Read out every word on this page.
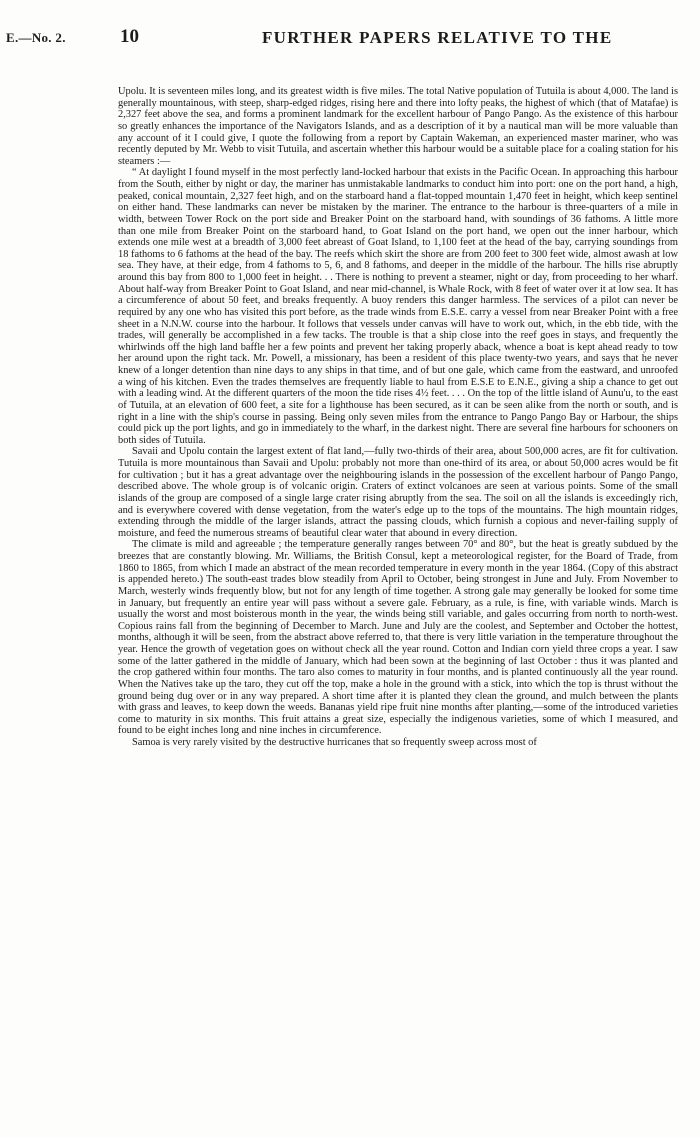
E.—No. 2.	10	FURTHER PAPERS RELATIVE TO THE

Upolu. It is seventeen miles long, and its greatest width is five miles. The total Native population of Tutuila is about 4,000. The land is generally mountainous, with steep, sharp-edged ridges, rising here and there into lofty peaks, the highest of which (that of Matafae) is 2,327 feet above the sea, and forms a prominent landmark for the excellent harbour of Pango Pango. As the existence of this harbour so greatly enhances the importance of the Navigators Islands, and as a description of it by a nautical man will be more valuable than any account of it I could give, I quote the following from a report by Captain Wakeman, an experienced master mariner, who was recently deputed by Mr. Webb to visit Tutuila, and ascertain whether this harbour would be a suitable place for a coaling station for his steamers :—

“ At daylight I found myself in the most perfectly land-locked harbour that exists in the Pacific Ocean. In approaching this harbour from the South, either by night or day, the mariner has unmistakable landmarks to conduct him into port: one on the port hand, a high, peaked, conical mountain, 2,327 feet high, and on the starboard hand a flat-topped mountain 1,470 feet in height, which keep sentinel on either hand. These landmarks can never be mistaken by the mariner. The entrance to the harbour is three-quarters of a mile in width, between Tower Rock on the port side and Breaker Point on the starboard hand, with soundings of 36 fathoms. A little more than one mile from Breaker Point on the starboard hand, to Goat Island on the port hand, we open out the inner harbour, which extends one mile west at a breadth of 3,000 feet abreast of Goat Island, to 1,100 feet at the head of the bay, carrying soundings from 18 fathoms to 6 fathoms at the head of the bay. The reefs which skirt the shore are from 200 feet to 300 feet wide, almost awash at low sea. They have, at their edge, from 4 fathoms to 5, 6, and 8 fathoms, and deeper in the middle of the harbour. The hills rise abruptly around this bay from 800 to 1,000 feet in height. . . There is nothing to prevent a steamer, night or day, from proceeding to her wharf. About half-way from Breaker Point to Goat Island, and near mid-channel, is Whale Rock, with 8 feet of water over it at low sea. It has a circumference of about 50 feet, and breaks frequently. A buoy renders this danger harmless. The services of a pilot can never be required by any one who has visited this port before, as the trade winds from E.S.E. carry a vessel from near Breaker Point with a free sheet in a N.N.W. course into the harbour. It follows that vessels under canvas will have to work out, which, in the ebb tide, with the trades, will generally be accomplished in a few tacks. The trouble is that a ship close into the reef goes in stays, and frequently the whirlwinds off the high land baffle her a few points and prevent her taking properly aback, whence a boat is kept ahead ready to tow her around upon the right tack. Mr. Powell, a missionary, has been a resident of this place twenty-two years, and says that he never knew of a longer detention than nine days to any ships in that time, and of but one gale, which came from the eastward, and unroofed a wing of his kitchen. Even the trades themselves are frequently liable to haul from E.S.E to E.N.E., giving a ship a chance to get out with a leading wind. At the different quarters of the moon the tide rises 4½ feet. . . . On the top of the little island of Aunu'u, to the east of Tutuila, at an elevation of 600 feet, a site for a lighthouse has been secured, as it can be seen alike from the north or south, and is right in a line with the ship's course in passing. Being only seven miles from the entrance to Pango Pango Bay or Harbour, the ships could pick up the port lights, and go in immediately to the wharf, in the darkest night. There are several fine harbours for schooners on both sides of Tutuila.

Savaii and Upolu contain the largest extent of flat land,—fully two-thirds of their area, about 500,000 acres, are fit for cultivation. Tutuila is more mountainous than Savaii and Upolu: probably not more than one-third of its area, or about 50,000 acres would be fit for cultivation ; but it has a great advantage over the neighbouring islands in the possession of the excellent harbour of Pango Pango, described above. The whole group is of volcanic origin. Craters of extinct volcanoes are seen at various points. Some of the small islands of the group are composed of a single large crater rising abruptly from the sea. The soil on all the islands is exceedingly rich, and is everywhere covered with dense vegetation, from the water's edge up to the tops of the mountains. The high mountain ridges, extending through the middle of the larger islands, attract the passing clouds, which furnish a copious and never-failing supply of moisture, and feed the numerous streams of beautiful clear water that abound in every direction.

The climate is mild and agreeable ; the temperature generally ranges between 70° and 80°, but the heat is greatly subdued by the breezes that are constantly blowing. Mr. Williams, the British Consul, kept a meteorological register, for the Board of Trade, from 1860 to 1865, from which I made an abstract of the mean recorded temperature in every month in the year 1864. (Copy of this abstract is appended hereto.) The south-east trades blow steadily from April to October, being strongest in June and July. From November to March, westerly winds frequently blow, but not for any length of time together. A strong gale may generally be looked for some time in January, but frequently an entire year will pass without a severe gale. February, as a rule, is fine, with variable winds. March is usually the worst and most boisterous month in the year, the winds being still variable, and gales occurring from north to north-west. Copious rains fall from the beginning of December to March. June and July are the coolest, and September and October the hottest, months, although it will be seen, from the abstract above referred to, that there is very little variation in the temperature throughout the year. Hence the growth of vegetation goes on without check all the year round. Cotton and Indian corn yield three crops a year. I saw some of the latter gathered in the middle of January, which had been sown at the beginning of last October : thus it was planted and the crop gathered within four months. The taro also comes to maturity in four months, and is planted continuously all the year round. When the Natives take up the taro, they cut off the top, make a hole in the ground with a stick, into which the top is thrust without the ground being dug over or in any way prepared. A short time after it is planted they clean the ground, and mulch between the plants with grass and leaves, to keep down the weeds. Bananas yield ripe fruit nine months after planting,—some of the introduced varieties come to maturity in six months. This fruit attains a great size, especially the indigenous varieties, some of which I measured, and found to be eight inches long and nine inches in circumference.

Samoa is very rarely visited by the destructive hurricanes that so frequently sweep across most of
